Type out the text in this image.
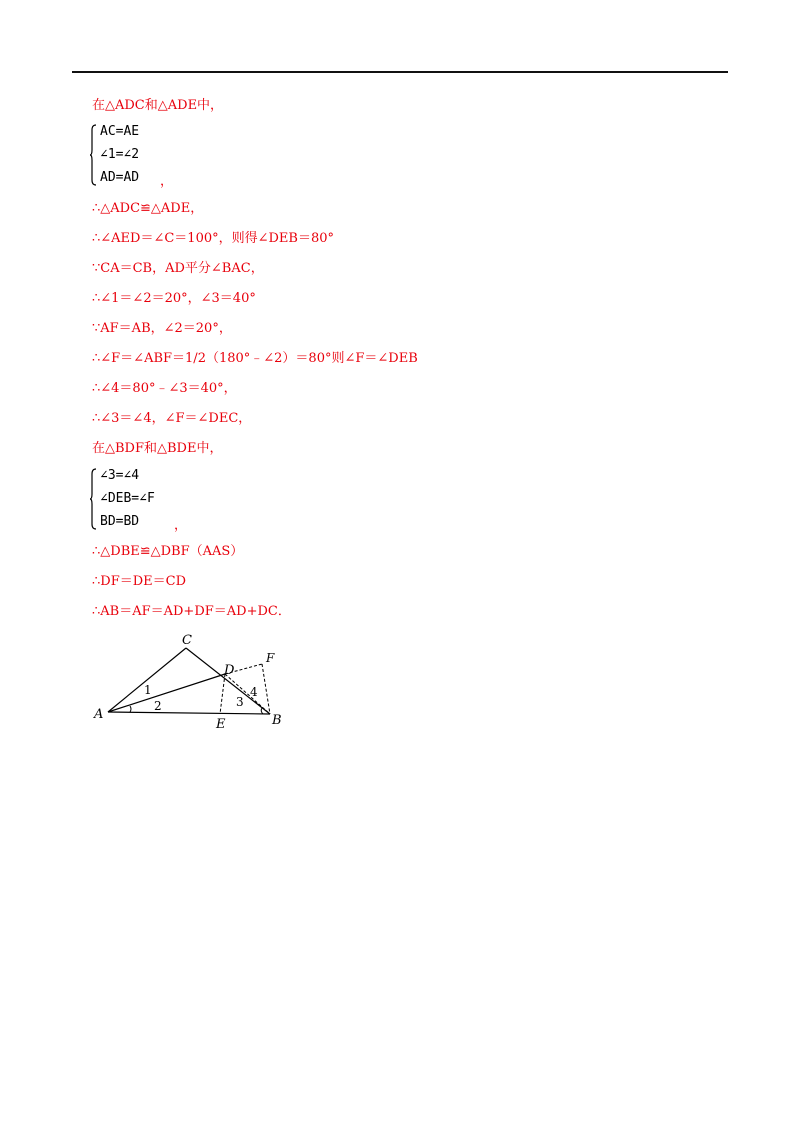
在△ADC和△ADE中，
AC=AE
∠1=∠2
AD=AD ，
∴△ADC≌△ADE，
∴∠AED＝∠C＝100°，则得∠DEB＝80°
∵CA＝CB，AD平分∠BAC，
∴∠1＝∠2＝20°，∠3＝40°
∵AF＝AB，∠2＝20°，
∴∠F＝∠ABF＝1/2（180°﹣∠2）＝80°则∠F＝∠DEB
∴∠4＝80°﹣∠3＝40°，
∴∠3＝∠4，∠F＝∠DEC，
在△BDF和△BDE中，
∠3=∠4
∠DEB=∠F
BD=BD	，
∴△DBE≌△DBF（AAS）
∴DF＝DE＝CD
∴AB＝AF＝AD+DF＝AD+DC．
A	B
C
D
E
F
1
2	3
4
